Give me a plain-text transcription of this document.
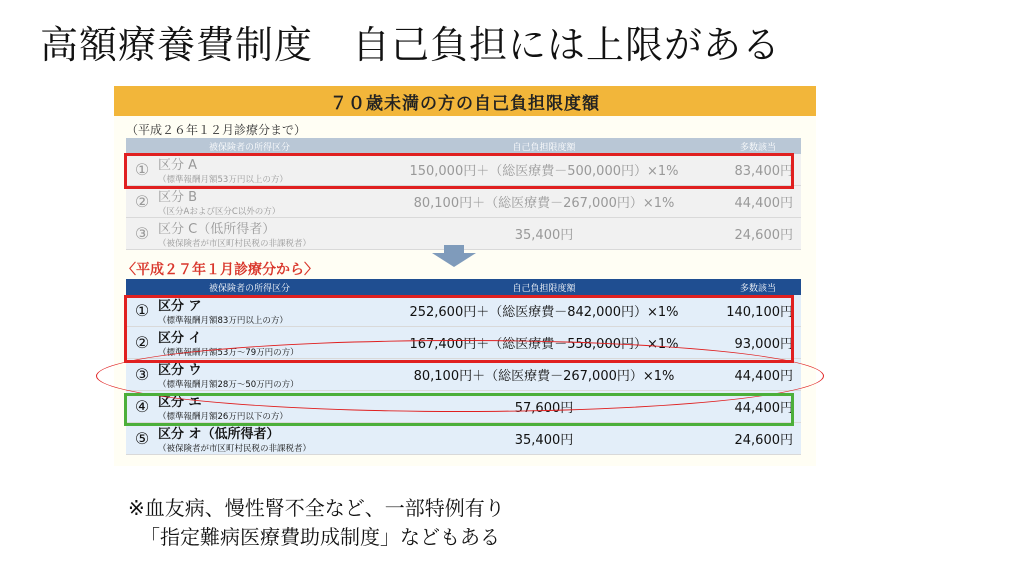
高額療養費制度　自己負担には上限がある
７０歳未満の方の自己負担限度額
（平成２６年１２月診療分まで）
被保険者の所得区分	自己負担限度額	多数該当

① 区分 A
（標準報酬月額53万円以上の方）	150,000円＋（総医療費－500,000円）×1%	83,400円

② 区分 B
（区分Aおよび区分C以外の方）	80,100円＋（総医療費－267,000円）×1%	44,400円

③ 区分 C（低所得者）
（被保険者が市区町村民税の非課税者）	35,400円	24,600円
〈平成２７年１月診療分から〉
被保険者の所得区分	自己負担限度額	多数該当

① 区分 ア
（標準報酬月額83万円以上の方）	252,600円＋（総医療費－842,000円）×1%	140,100円

② 区分 イ
（標準報酬月額53万～79万円の方）	167,400円＋（総医療費－558,000円）×1%	93,000円

③ 区分 ウ
（標準報酬月額28万～50万円の方）	80,100円＋（総医療費－267,000円）×1%	44,400円

④ 区分 エ
（標準報酬月額26万円以下の方）	57,600円	44,400円

⑤ 区分 オ（低所得者）
（被保険者が市区町村民税の非課税者）	35,400円	24,600円
※血友病、慢性腎不全など、一部特例有り
「指定難病医療費助成制度」などもある
